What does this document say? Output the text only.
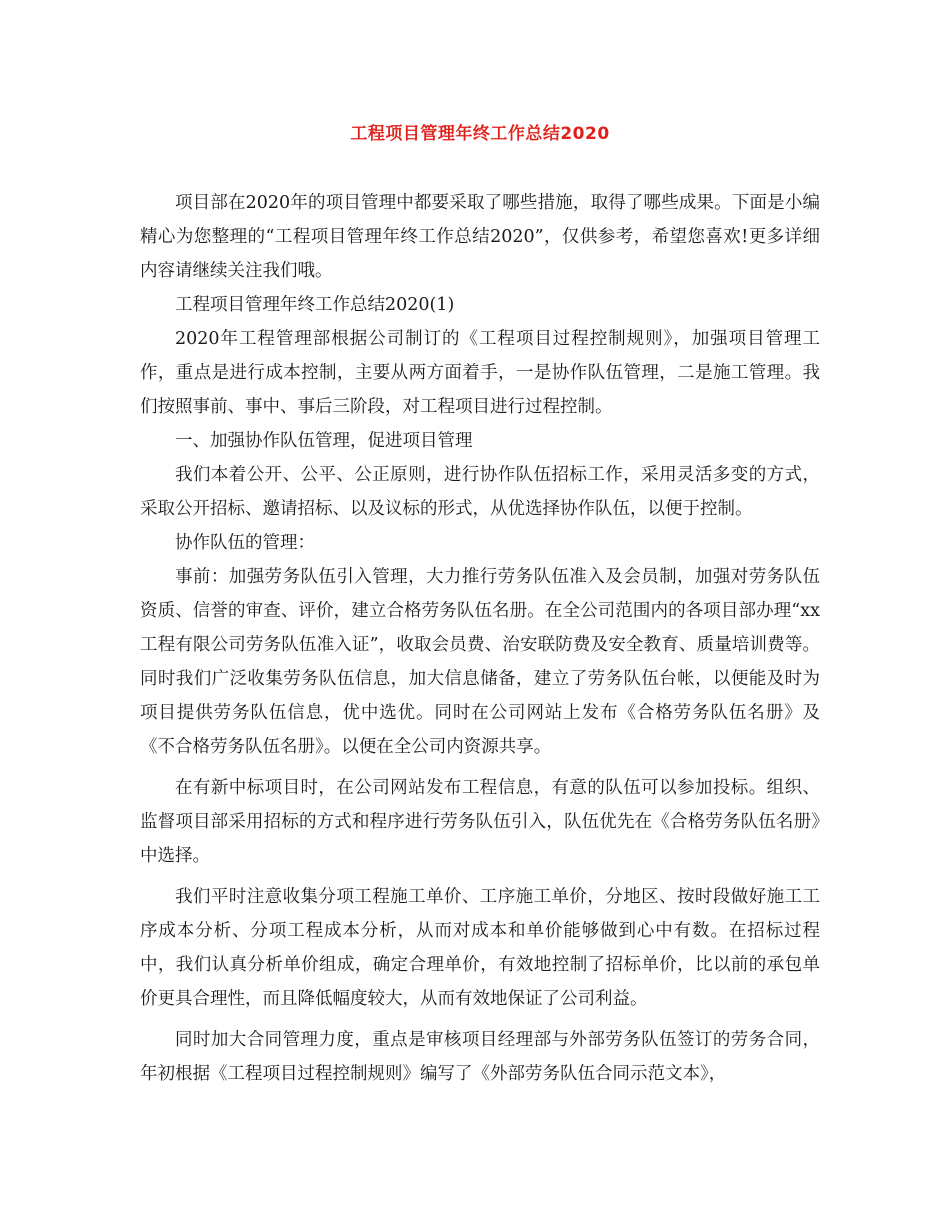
工程项目管理年终工作总结2020

项目部在2020年的项目管理中都要采取了哪些措施，取得了哪些成果。下面是小编精心为您整理的“工程项目管理年终工作总结2020”，仅供参考，希望您喜欢!更多详细内容请继续关注我们哦。

工程项目管理年终工作总结2020(1)

2020年工程管理部根据公司制订的《工程项目过程控制规则》，加强项目管理工作，重点是进行成本控制，主要从两方面着手，一是协作队伍管理，二是施工管理。我们按照事前、事中、事后三阶段，对工程项目进行过程控制。

一、加强协作队伍管理，促进项目管理

我们本着公开、公平、公正原则，进行协作队伍招标工作，采用灵活多变的方式，采取公开招标、邀请招标、以及议标的形式，从优选择协作队伍，以便于控制。

协作队伍的管理：

事前：加强劳务队伍引入管理，大力推行劳务队伍准入及会员制，加强对劳务队伍资质、信誉的审查、评价，建立合格劳务队伍名册。在全公司范围内的各项目部办理“xx工程有限公司劳务队伍准入证”，收取会员费、治安联防费及安全教育、质量培训费等。同时我们广泛收集劳务队伍信息，加大信息储备，建立了劳务队伍台帐，以便能及时为项目提供劳务队伍信息，优中选优。同时在公司网站上发布《合格劳务队伍名册》及《不合格劳务队伍名册》。以便在全公司内资源共享。

在有新中标项目时，在公司网站发布工程信息，有意的队伍可以参加投标。组织、监督项目部采用招标的方式和程序进行劳务队伍引入，队伍优先在《合格劳务队伍名册》中选择。

我们平时注意收集分项工程施工单价、工序施工单价，分地区、按时段做好施工工序成本分析、分项工程成本分析，从而对成本和单价能够做到心中有数。在招标过程中，我们认真分析单价组成，确定合理单价，有效地控制了招标单价，比以前的承包单价更具合理性，而且降低幅度较大，从而有效地保证了公司利益。

同时加大合同管理力度，重点是审核项目经理部与外部劳务队伍签订的劳务合同，年初根据《工程项目过程控制规则》编写了《外部劳务队伍合同示范文本》，
